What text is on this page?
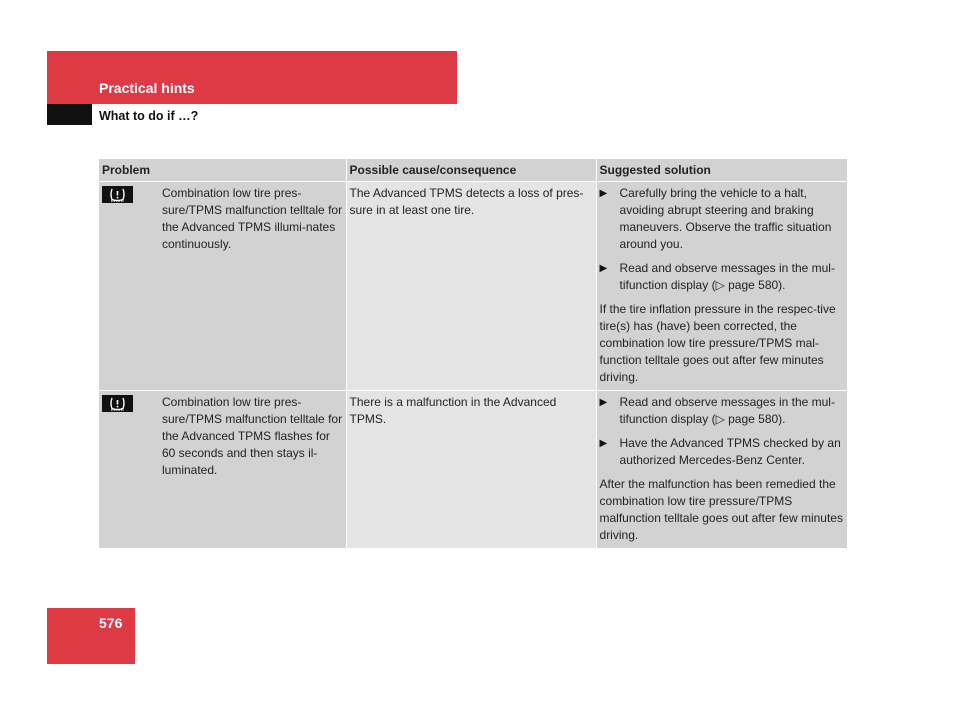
Practical hints
What to do if …?
Problem		Possible cause/consequence	Suggested solution

	Combination low tire pres-sure/TPMS malfunction telltale for the Advanced TPMS illumi-nates continuously.	The Advanced TPMS detects a loss of pres-sure in at least one tire.	▶ Carefully bring the vehicle to a halt, avoiding abrupt steering and braking maneuvers. Observe the traffic situation around you.
▶ Read and observe messages in the mul-tifunction display (▷ page 580).
If the tire inflation pressure in the respec-tive tire(s) has (have) been corrected, the combination low tire pressure/TPMS mal-function telltale goes out after few minutes driving.

	Combination low tire pres-sure/TPMS malfunction telltale for the Advanced TPMS flashes for 60 seconds and then stays il-luminated.	There is a malfunction in the Advanced TPMS.	▶ Read and observe messages in the mul-tifunction display (▷ page 580).
▶ Have the Advanced TPMS checked by an authorized Mercedes-Benz Center.
After the malfunction has been remedied the combination low tire pressure/TPMS malfunction telltale goes out after few minutes driving.
576
